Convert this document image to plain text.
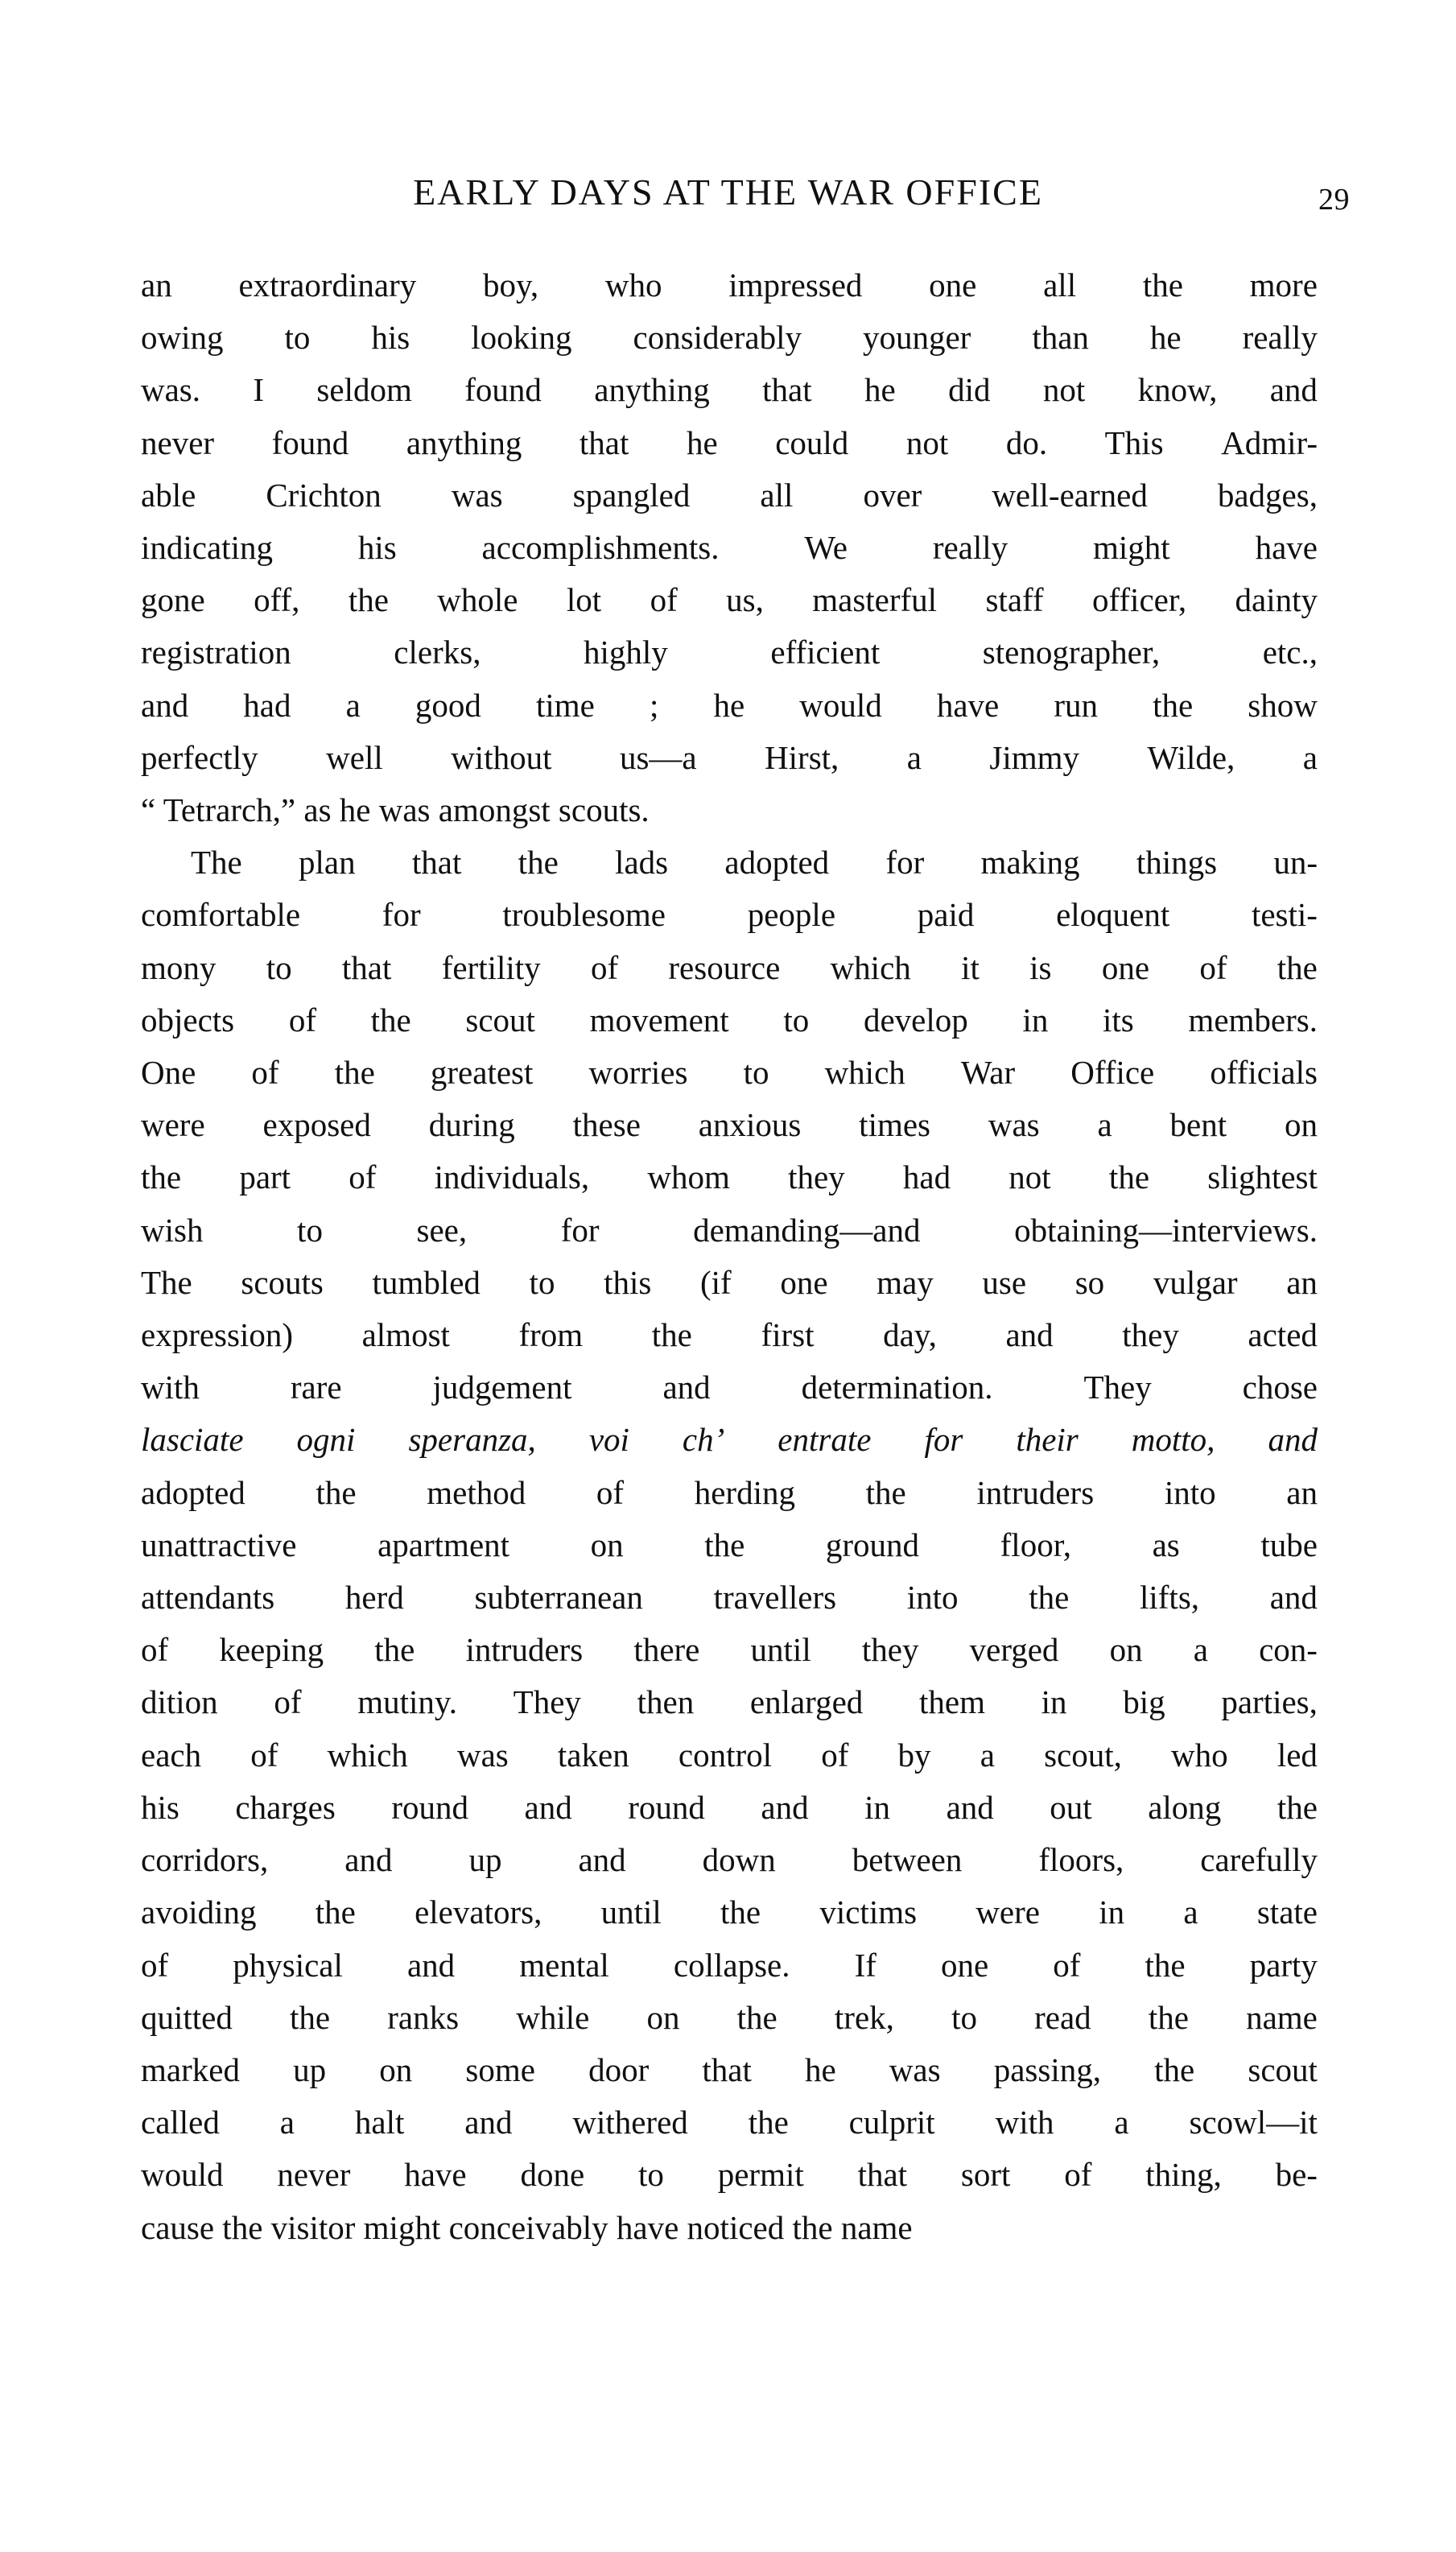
EARLY DAYS AT THE WAR OFFICE	29

an extraordinary boy, who impressed one all the more
owing to his looking considerably younger than he really
was. I seldom found anything that he did not know, and
never found anything that he could not do. This Admir-
able Crichton was spangled all over well-earned badges,
indicating	his	accomplishments.	We	really	might	have
gone off, the whole lot of us, masterful staff officer, dainty
registration	clerks,	highly	efficient	stenographer,	etc.,
and had a good time ; he would have run the show
perfectly well without us—a Hirst, a Jimmy Wilde, a
“ Tetrarch,” as he was amongst scouts.

The plan that the lads adopted for making things un-
comfortable for troublesome people paid eloquent testi-
mony to that fertility of resource which it is one of the
objects of the scout movement to develop in its members.
One of the greatest worries to which War Office officials
were exposed during these anxious times was a bent on
the part of individuals, whom they had not the slightest
wish	to	see,	for	demanding—and	obtaining—interviews.
The scouts tumbled to this (if one may use so vulgar an
expression) almost from the first day, and they acted
with	rare	judgement	and	determination.	They	chose
lasciate ogni speranza, voi ch’ entrate for their motto, and
adopted the method of herding the intruders into an
unattractive apartment on the ground floor, as tube
attendants herd subterranean travellers into the lifts, and
of keeping the intruders there until they verged on a con-
dition of mutiny. They then enlarged them in big parties,
each of which was taken control of by a scout, who led
his charges round and round and in and out along the
corridors, and up and down between floors, carefully
avoiding the elevators, until the victims were in a state
of physical and mental collapse. If one of the party
quitted the ranks while on the trek, to read the name
marked up on some door that he was passing, the scout
called a halt and withered the culprit with a scowl—it
would never have done to permit that sort of thing, be-
cause the visitor might conceivably have noticed the name
